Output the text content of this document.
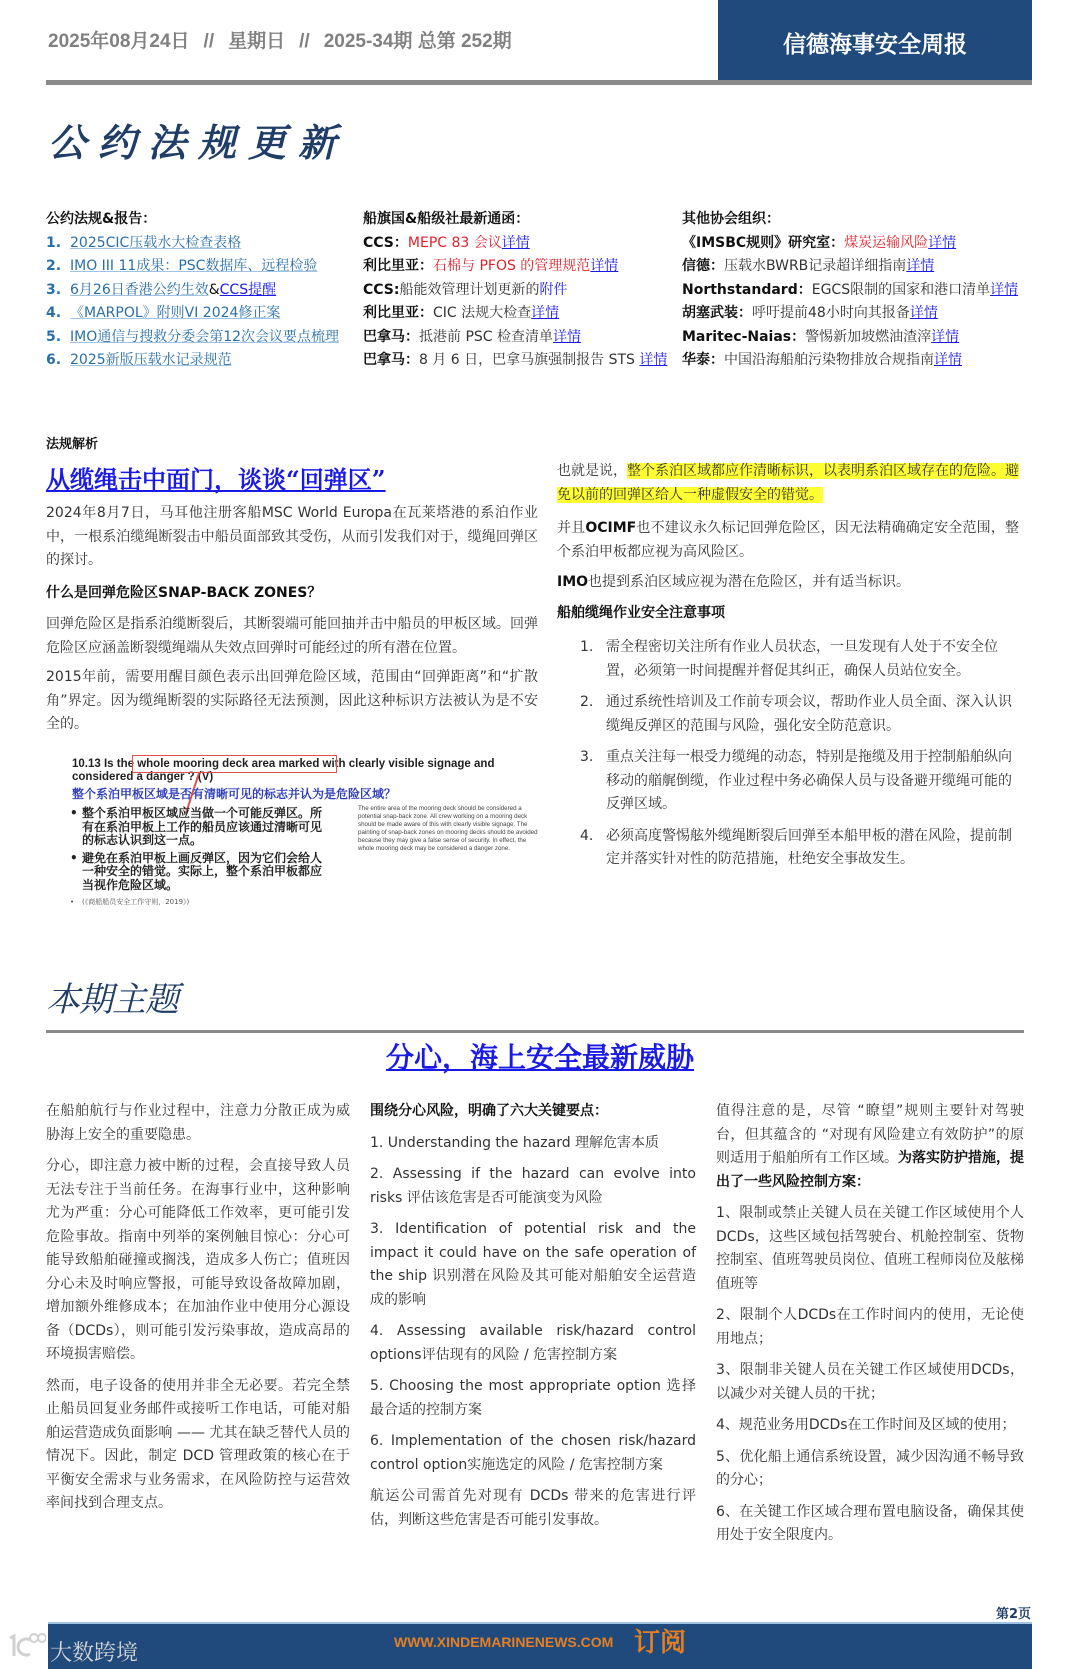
2025年08月24日 // 星期日 // 2025-34期 总第 252期	信德海事安全周报
公约法规更新
公约法规&报告：
1. 2025CIC压载水大检查表格
2. IMO III 11成果：PSC数据库、远程检验
3. 6月26日香港公约生效&CCS提醒
4. 《MARPOL》附则VI 2024修正案
5. IMO通信与搜救分委会第12次会议要点梳理
6. 2025新版压载水记录规范
船旗国&船级社最新通函：
CCS：MEPC 83 会议详情
利比里亚：石棉与 PFOS 的管理规范详情
CCS:船能效管理计划更新的附件
利比里亚：CIC 法规大检查详情
巴拿马：抵港前 PSC 检查清单详情
巴拿马：8 月 6 日，巴拿马旗强制报告 STS 详情
其他协会组织：
《IMSBC规则》研究室：煤炭运输风险详情
信德：压载水BWRB记录超详细指南详情
Northstandard：EGCS限制的国家和港口清单详情
胡塞武装：呼吁提前48小时向其报备详情
Maritec-Naias：警惕新加坡燃油渣滓详情
华泰：中国沿海船舶污染物排放合规指南详情
法规解析
从缆绳击中面门，谈谈“回弹区”
2024年8月7日，马耳他注册客船MSC World Europa在瓦莱塔港的系泊作业中，一根系泊缆绳断裂击中船员面部致其受伤，从而引发我们对于，缆绳回弹区的探讨。
什么是回弹危险区SNAP-BACK ZONES？
回弹危险区是指系泊缆断裂后，其断裂端可能回抽并击中船员的甲板区域。回弹危险区应涵盖断裂缆绳端从失效点回弹时可能经过的所有潜在位置。
2015年前，需要用醒目颜色表示出回弹危险区域，范围由“回弹距离”和“扩散角”界定。因为缆绳断裂的实际路径无法预测，因此这种标识方法被认为是不安全的。
10.13 Is the whole mooring deck area marked with clearly visible signage and considered a danger ? (V)
整个系泊甲板区域是否有清晰可见的标志并认为是危险区域？
• 整个系泊甲板区域应当做一个可能反弹区。所有在系泊甲板上工作的船员应该通过清晰可见的标志认识到这一点。
• 避免在系泊甲板上画反弹区，因为它们会给人一种安全的错觉。实际上，整个系泊甲板都应当视作危险区域。
• (《商船船员安全工作守则，2019》)
The entire area of the mooring deck should be considered a potential snap-back zone. All crew working on a mooring deck should be made aware of this with clearly visible signage. The painting of snap-back zones on mooring decks should be avoided because they may give a false sense of security. In effect, the whole mooring deck may be considered a danger zone.
也就是说，整个系泊区域都应作清晰标识，以表明系泊区域存在的危险。避免以前的回弹区给人一种虚假安全的错觉。
并且OCIMF也不建议永久标记回弹危险区，因无法精确确定安全范围，整个系泊甲板都应视为高风险区。
IMO也提到系泊区域应视为潜在危险区，并有适当标识。
船舶缆绳作业安全注意事项
1. 需全程密切关注所有作业人员状态，一旦发现有人处于不安全位置，必须第一时间提醒并督促其纠正，确保人员站位安全。
2. 通过系统性培训及工作前专项会议，帮助作业人员全面、深入认识缆绳反弹区的范围与风险，强化安全防范意识。
3. 重点关注每一根受力缆绳的动态，特别是拖缆及用于控制船舶纵向移动的艏艉倒缆，作业过程中务必确保人员与设备避开缆绳可能的反弹区域。
4. 必须高度警惕舷外缆绳断裂后回弹至本船甲板的潜在风险，提前制定并落实针对性的防范措施，杜绝安全事故发生。
本期主题
分心，海上安全最新威胁

在船舶航行与作业过程中，注意力分散正成为威胁海上安全的重要隐患。

分心，即注意力被中断的过程，会直接导致人员无法专注于当前任务。在海事行业中，这种影响尤为严重：分心可能降低工作效率，更可能引发危险事故。指南中列举的案例触目惊心：分心可能导致船舶碰撞或搁浅，造成多人伤亡；值班因分心未及时响应警报，可能导致设备故障加剧，增加额外维修成本；在加油作业中使用分心源设备（DCDs），则可能引发污染事故，造成高昂的环境损害赔偿。

然而，电子设备的使用并非全无必要。若完全禁止船员回复业务邮件或接听工作电话，可能对船舶运营造成负面影响 —— 尤其在缺乏替代人员的情况下。因此，制定 DCD 管理政策的核心在于平衡安全需求与业务需求，在风险防控与运营效率间找到合理支点。

围绕分心风险，明确了六大关键要点：

1. Understanding the hazard 理解危害本质

2. Assessing if the hazard can evolve into risks 评估该危害是否可能演变为风险

3. Identification of potential risk and the impact it could have on the safe operation of the ship 识别潜在风险及其可能对船舶安全运营造成的影响

4. Assessing available risk/hazard control options评估现有的风险 / 危害控制方案

5. Choosing the most appropriate option 选择最合适的控制方案

6. Implementation of the chosen risk/hazard control option实施选定的风险 / 危害控制方案

航运公司需首先对现有 DCDs 带来的危害进行评估，判断这些危害是否可能引发事故。

值得注意的是，尽管 “瞭望”规则主要针对驾驶台，但其蕴含的 “对现有风险建立有效防护”的原则适用于船舶所有工作区域。为落实防护措施，提出了一些风险控制方案：

1、限制或禁止关键人员在关键工作区域使用个人 DCDs，这些区域包括驾驶台、机舱控制室、货物控制室、值班驾驶员岗位、值班工程师岗位及舷梯值班等

2、限制个人DCDs在工作时间内的使用，无论使用地点；

3、限制非关键人员在关键工作区域使用DCDs，以减少对关键人员的干扰；

4、规范业务用DCDs在工作时间及区域的使用；

5、优化船上通信系统设置，减少因沟通不畅导致的分心；

6、在关键工作区域合理布置电脑设备，确保其使用处于安全限度内。

第2页
WWW.XINDEMARINENEWS.COM 订阅
大数跨境
